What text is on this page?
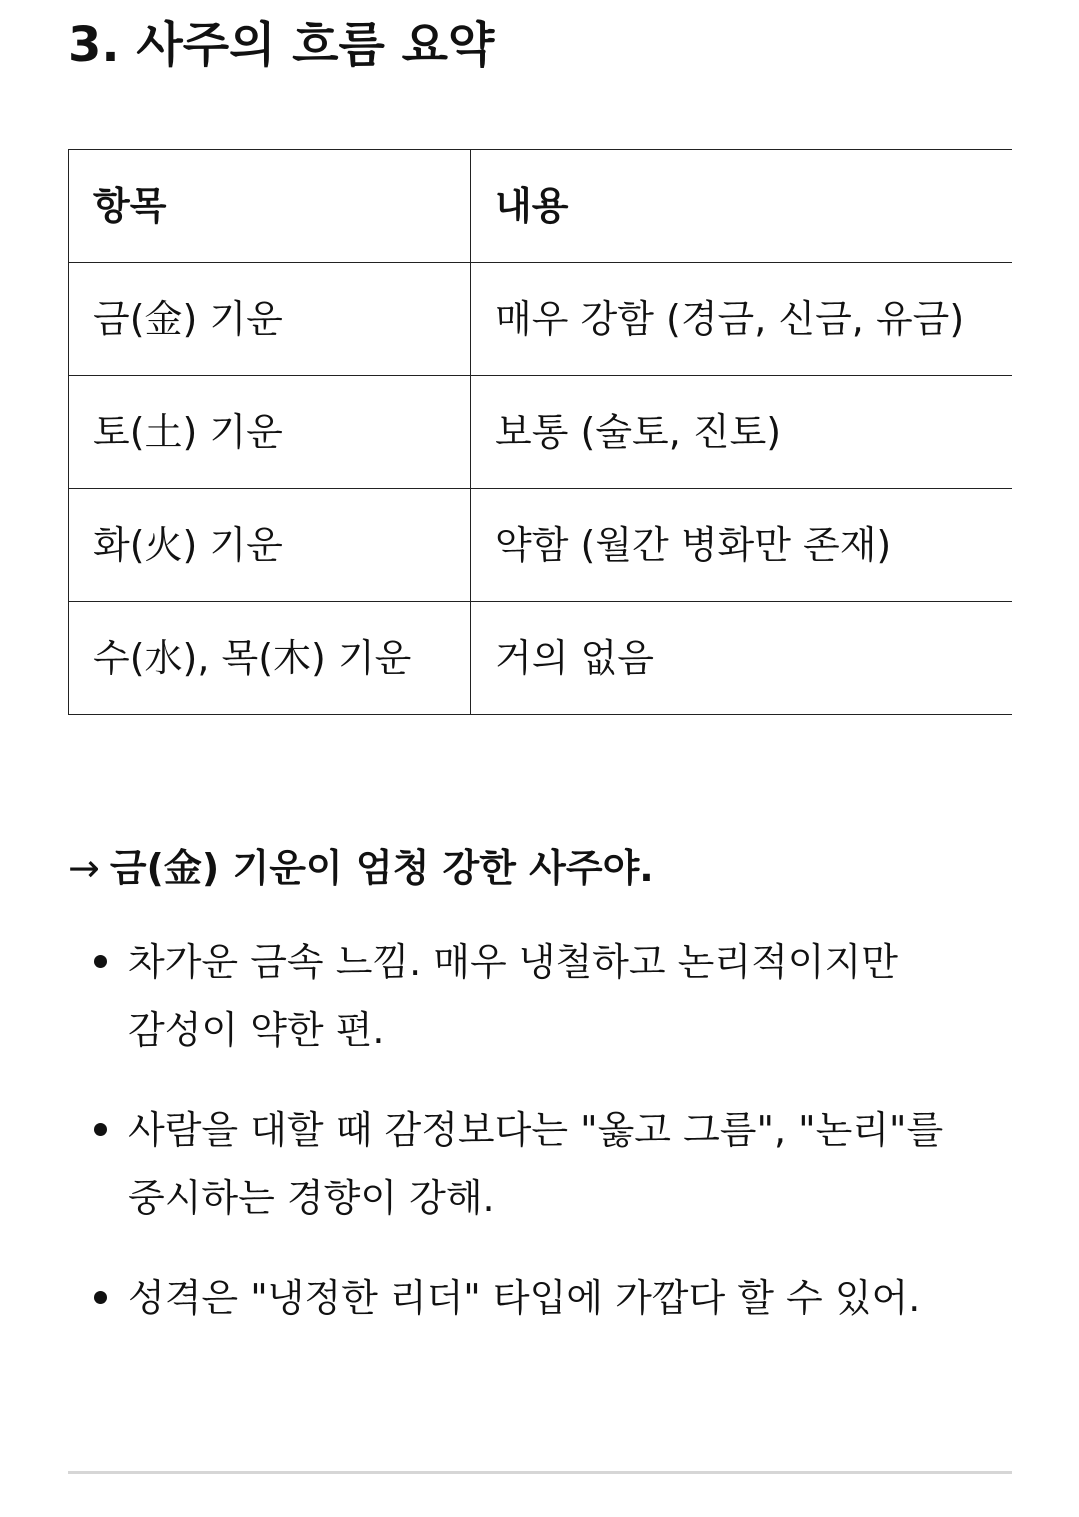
3. 사주의 흐름 요약
항목	내용
금(金) 기운	매우 강함 (경금, 신금, 유금)
토(土) 기운	보통 (술토, 진토)
화(火) 기운	약함 (월간 병화만 존재)
수(水), 목(木) 기운	거의 없음

→ 금(金) 기운이 엄청 강한 사주야.

차가운 금속 느낌. 매우 냉철하고 논리적이지만 감성이 약한 편.
사람을 대할 때 감정보다는 "옳고 그름", "논리"를 중시하는 경향이 강해.
성격은 "냉정한 리더" 타입에 가깝다 할 수 있어.
